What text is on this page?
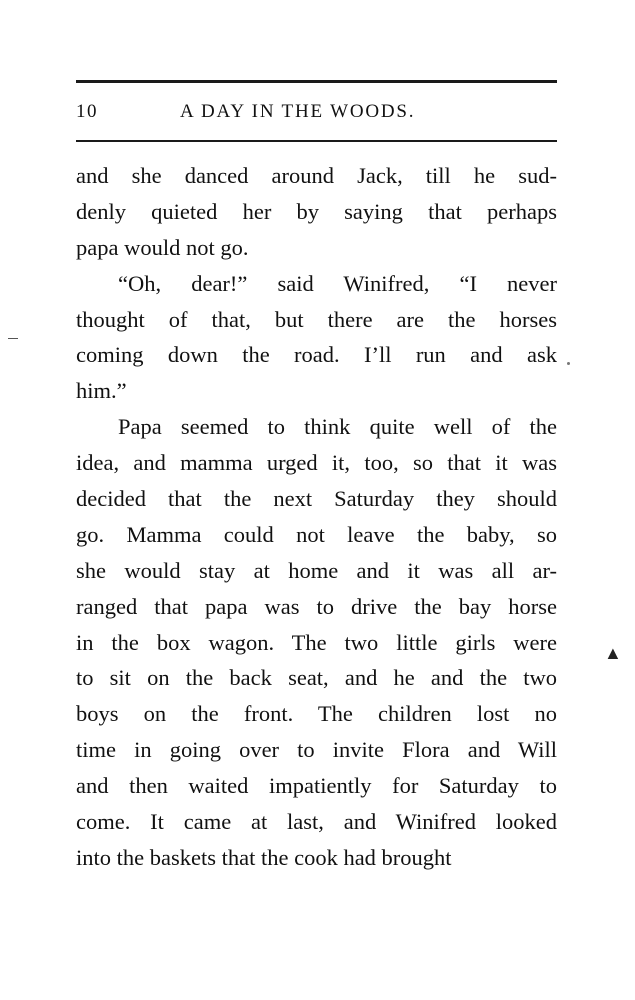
10	A DAY IN THE WOODS.
and she danced around Jack, till he sud-
denly quieted her by saying that perhaps
papa would not go.
“Oh, dear!” said Winifred, “I never
thought of that, but there are the horses
coming down the road. I’ll run and ask
him.”
Papa seemed to think quite well of the
idea, and mamma urged it, too, so that it was
decided that the next Saturday they should
go. Mamma could not leave the baby, so
she would stay at home and it was all ar-
ranged that papa was to drive the bay horse
in the box wagon. The two little girls were
to sit on the back seat, and he and the two
boys on the front. The children lost no
time in going over to invite Flora and Will
and then waited impatiently for Saturday to
come. It came at last, and Winifred looked
into the baskets that the cook had brought
▲
